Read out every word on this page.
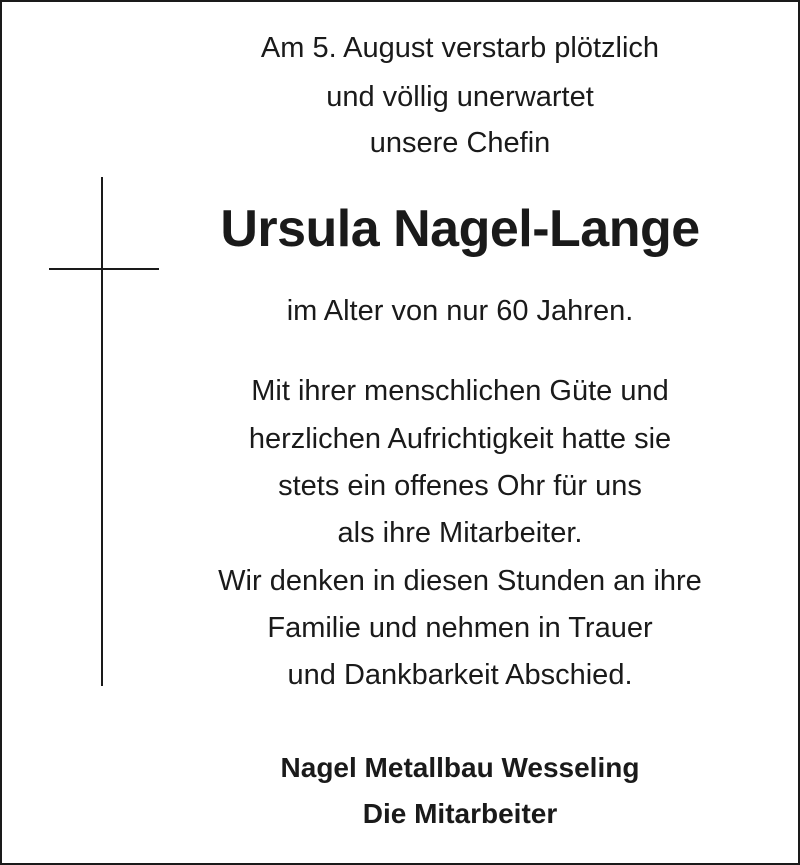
Am 5. August verstarb plötzlich
und völlig unerwartet
unsere Chefin
Ursula Nagel-Lange
im Alter von nur 60 Jahren.
Mit ihrer menschlichen Güte und
herzlichen Aufrichtigkeit hatte sie
stets ein offenes Ohr für uns
als ihre Mitarbeiter.
Wir denken in diesen Stunden an ihre
Familie und nehmen in Trauer
und Dankbarkeit Abschied.
Nagel Metallbau Wesseling
Die Mitarbeiter
